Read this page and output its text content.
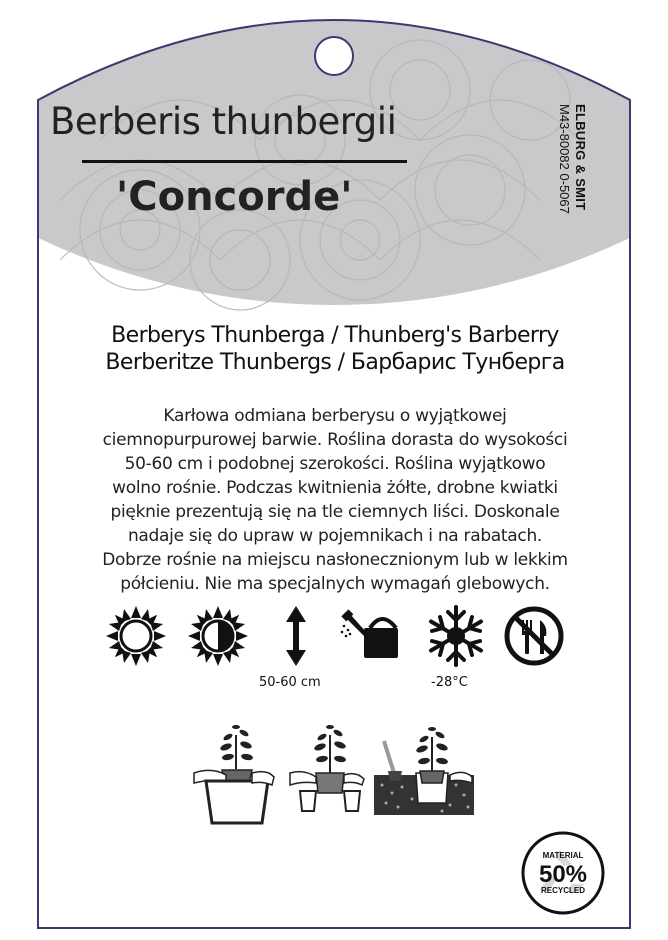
Berberis thunbergii
'Concorde'	ELBURG & SMIT
M43-80082 0-5067
Berberys Thunberga / Thunberg's Barberry
Berberitze Thunbergs / Барбарис Тунберга
Karłowa odmiana berberysu o wyjątkowej
ciemnopurpurowej barwie. Roślina dorasta do wysokości
50-60 cm i podobnej szerokości. Roślina wyjątkowo
wolno rośnie. Podczas kwitnienia żółte, drobne kwiatki
pięknie prezentują się na tle ciemnych liści. Doskonale
nadaje się do upraw w pojemnikach i na rabatach.
Dobrze rośnie na miejscu nasłonecznionym lub w lekkim
półcieniu. Nie ma specjalnych wymagań glebowych.
50-60 cm	-28°C
MATERIAL
50%
RECYCLED
